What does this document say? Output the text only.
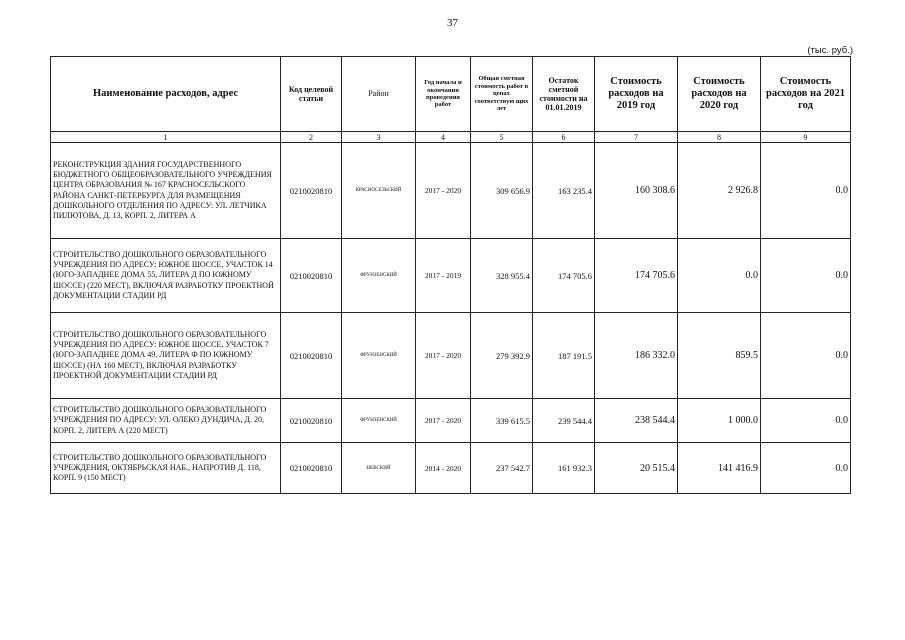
37
(тыс. руб.)
Наименование расходов, адрес	Код целевой статьи	Район	Год начала и окончания проведения работ	Общая сметная стоимость работ в ценах соответствую щих лет	Остаток сметной стоимости на 01.01.2019	Стоимость расходов на 2019 год	Стоимость расходов на 2020 год	Стоимость расходов на 2021 год
1	2	3	4	5	6	7	8	9
РЕКОНСТРУКЦИЯ ЗДАНИЯ ГОСУДАРСТВЕННОГО БЮДЖЕТНОГО ОБЩЕОБРАЗОВАТЕЛЬНОГО УЧРЕЖДЕНИЯ ЦЕНТРА ОБРАЗОВАНИЯ № 167 КРАСНОСЕЛЬСКОГО РАЙОНА САНКТ-ПЕТЕРБУРГА ДЛЯ РАЗМЕЩЕНИЯ ДОШКОЛЬНОГО ОТДЕЛЕНИЯ ПО АДРЕСУ: УЛ. ЛЕТЧИКА ПИЛЮТОВА, Д. 13, КОРП. 2, ЛИТЕРА А	0210020810	КРАСНОСЕЛЬСКИЙ	2017 - 2020	309 656.9	163 235.4	160 308.6	2 926.8	0.0
СТРОИТЕЛЬСТВО ДОШКОЛЬНОГО ОБРАЗОВАТЕЛЬНОГО УЧРЕЖДЕНИЯ ПО АДРЕСУ: ЮЖНОЕ ШОССЕ, УЧАСТОК 14 (ЮГО-ЗАПАДНЕЕ ДОМА 55, ЛИТЕРА Д ПО ЮЖНОМУ ШОССЕ) (220 МЕСТ), ВКЛЮЧАЯ РАЗРАБОТКУ ПРОЕКТНОЙ ДОКУМЕНТАЦИИ СТАДИИ РД	0210020810	ФРУНЗЕНСКИЙ	2017 - 2019	328 955.4	174 705.6	174 705.6	0.0	0.0
СТРОИТЕЛЬСТВО ДОШКОЛЬНОГО ОБРАЗОВАТЕЛЬНОГО УЧРЕЖДЕНИЯ ПО АДРЕСУ: ЮЖНОЕ ШОССЕ, УЧАСТОК 7 (ЮГО-ЗАПАДНЕЕ ДОМА 49, ЛИТЕРА Ф ПО ЮЖНОМУ ШОССЕ) (НА 160 МЕСТ), ВКЛЮЧАЯ РАЗРАБОТКУ ПРОЕКТНОЙ ДОКУМЕНТАЦИИ СТАДИИ РД	0210020810	ФРУНЗЕНСКИЙ	2017 - 2020	279 392.9	187 191.5	186 332.0	859.5	0.0
СТРОИТЕЛЬСТВО ДОШКОЛЬНОГО ОБРАЗОВАТЕЛЬНОГО УЧРЕЖДЕНИЯ ПО АДРЕСУ: УЛ. ОЛЕКО ДУНДИЧА, Д. 20, КОРП. 2, ЛИТЕРА А (220 МЕСТ)	0210020810	ФРУНЗЕНСКИЙ	2017 - 2020	339 615.5	239 544.4	238 544.4	1 000.0	0.0
СТРОИТЕЛЬСТВО ДОШКОЛЬНОГО ОБРАЗОВАТЕЛЬНОГО УЧРЕЖДЕНИЯ, ОКТЯБРЬСКАЯ НАБ., НАПРОТИВ Д. 118, КОРП. 9 (150 МЕСТ)	0210020810	НЕВСКИЙ	2014 - 2020	237 542.7	161 932.3	20 515.4	141 416.9	0.0
